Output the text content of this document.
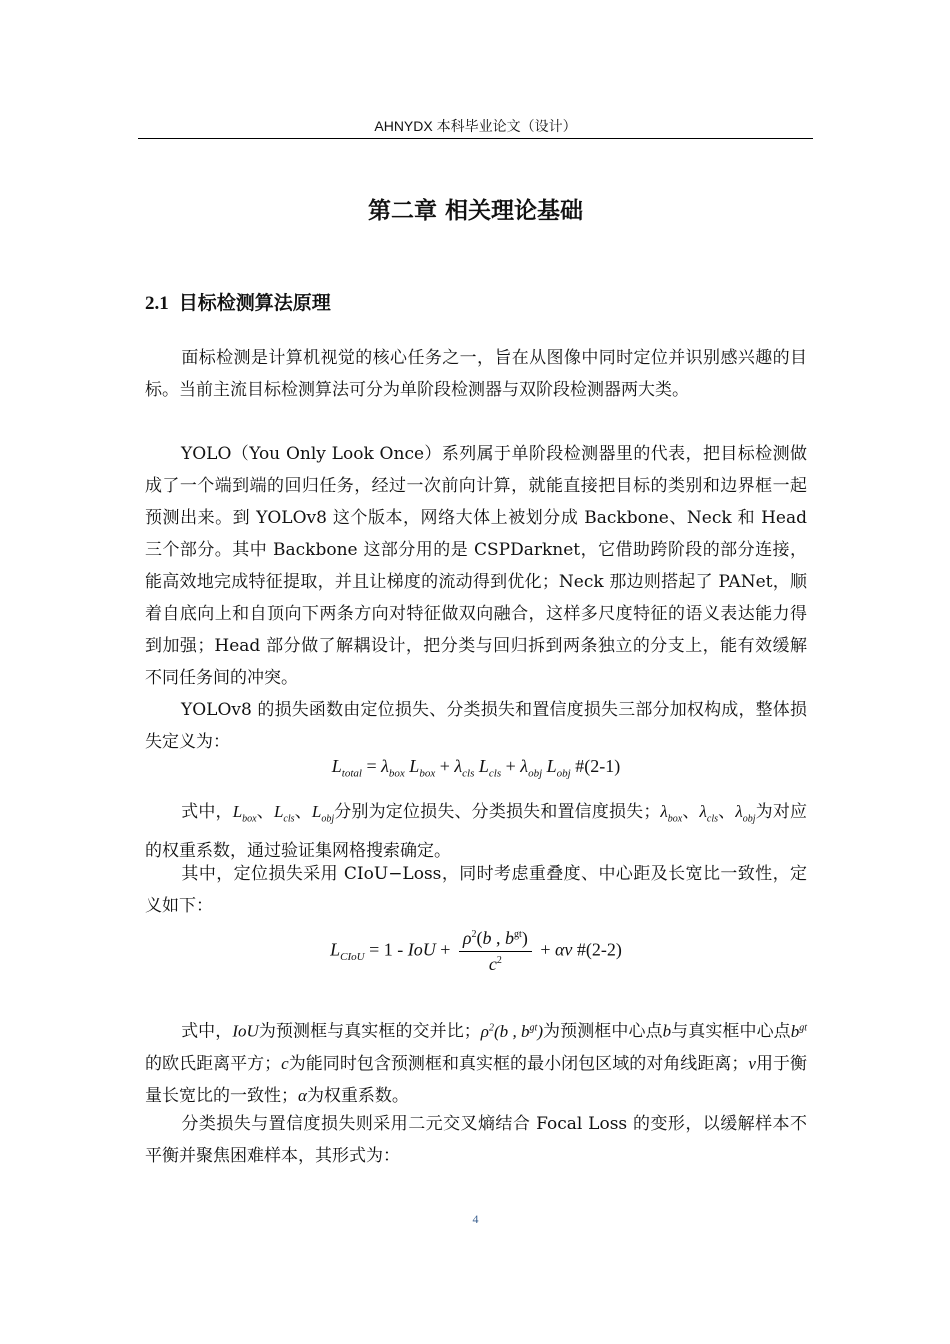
AHNYDX 本科毕业论文（设计）
第二章 相关理论基础
2.1 目标检测算法原理

面标检测是计算机视觉的核心任务之一，旨在从图像中同时定位并识别感兴趣的目标。当前主流目标检测算法可分为单阶段检测器与双阶段检测器两大类。

YOLO（You Only Look Once）系列属于单阶段检测器里的代表，把目标检测做成了一个端到端的回归任务，经过一次前向计算，就能直接把目标的类别和边界框一起预测出来。到 YOLOv8 这个版本，网络大体上被划分成 Backbone、Neck 和 Head 三个部分。其中 Backbone 这部分用的是 CSPDarknet，它借助跨阶段的部分连接，能高效地完成特征提取，并且让梯度的流动得到优化；Neck 那边则搭起了 PANet，顺着自底向上和自顶向下两条方向对特征做双向融合，这样多尺度特征的语义表达能力得到加强；Head 部分做了解耦设计，把分类与回归拆到两条独立的分支上，能有效缓解不同任务间的冲突。

YOLOv8 的损失函数由定位损失、分类损失和置信度损失三部分加权构成，整体损失定义为：

$L_{total} = \lambda_{box}$ $L_{box} + \lambda_{cls}$ $L_{cls} + \lambda_{obj}$ $L_{obj}$ #(2-1)

式中，$L_{box}$、$L_{cls}$、$L_{obj}$分别为定位损失、分类损失和置信度损失；$\lambda_{box}$、$\lambda_{cls}$、$\lambda_{obj}$为对应的权重系数，通过验证集网格搜索确定。

其中，定位损失采用 CIoU−Loss，同时考虑重叠度、中心距及长宽比一致性，定义如下：

$L_{CIoU} = 1$ - IoU + $\frac{\rho^2(b , b^{gt})}{c^2} + \alpha v$ #(2-2)

式中，IoU为预测框与真实框的交并比；$\rho^2(b$ , $b^{gt}$)为预测框中心点b与真实框中心点$b^{gt}$的欧氏距离平方；c为能同时包含预测框和真实框的最小闭包区域的对角线距离；v用于衡量长宽比的一致性；α为权重系数。

分类损失与置信度损失则采用二元交叉熵结合 Focal Loss 的变形，以缓解样本不平衡并聚焦困难样本，其形式为：

4
